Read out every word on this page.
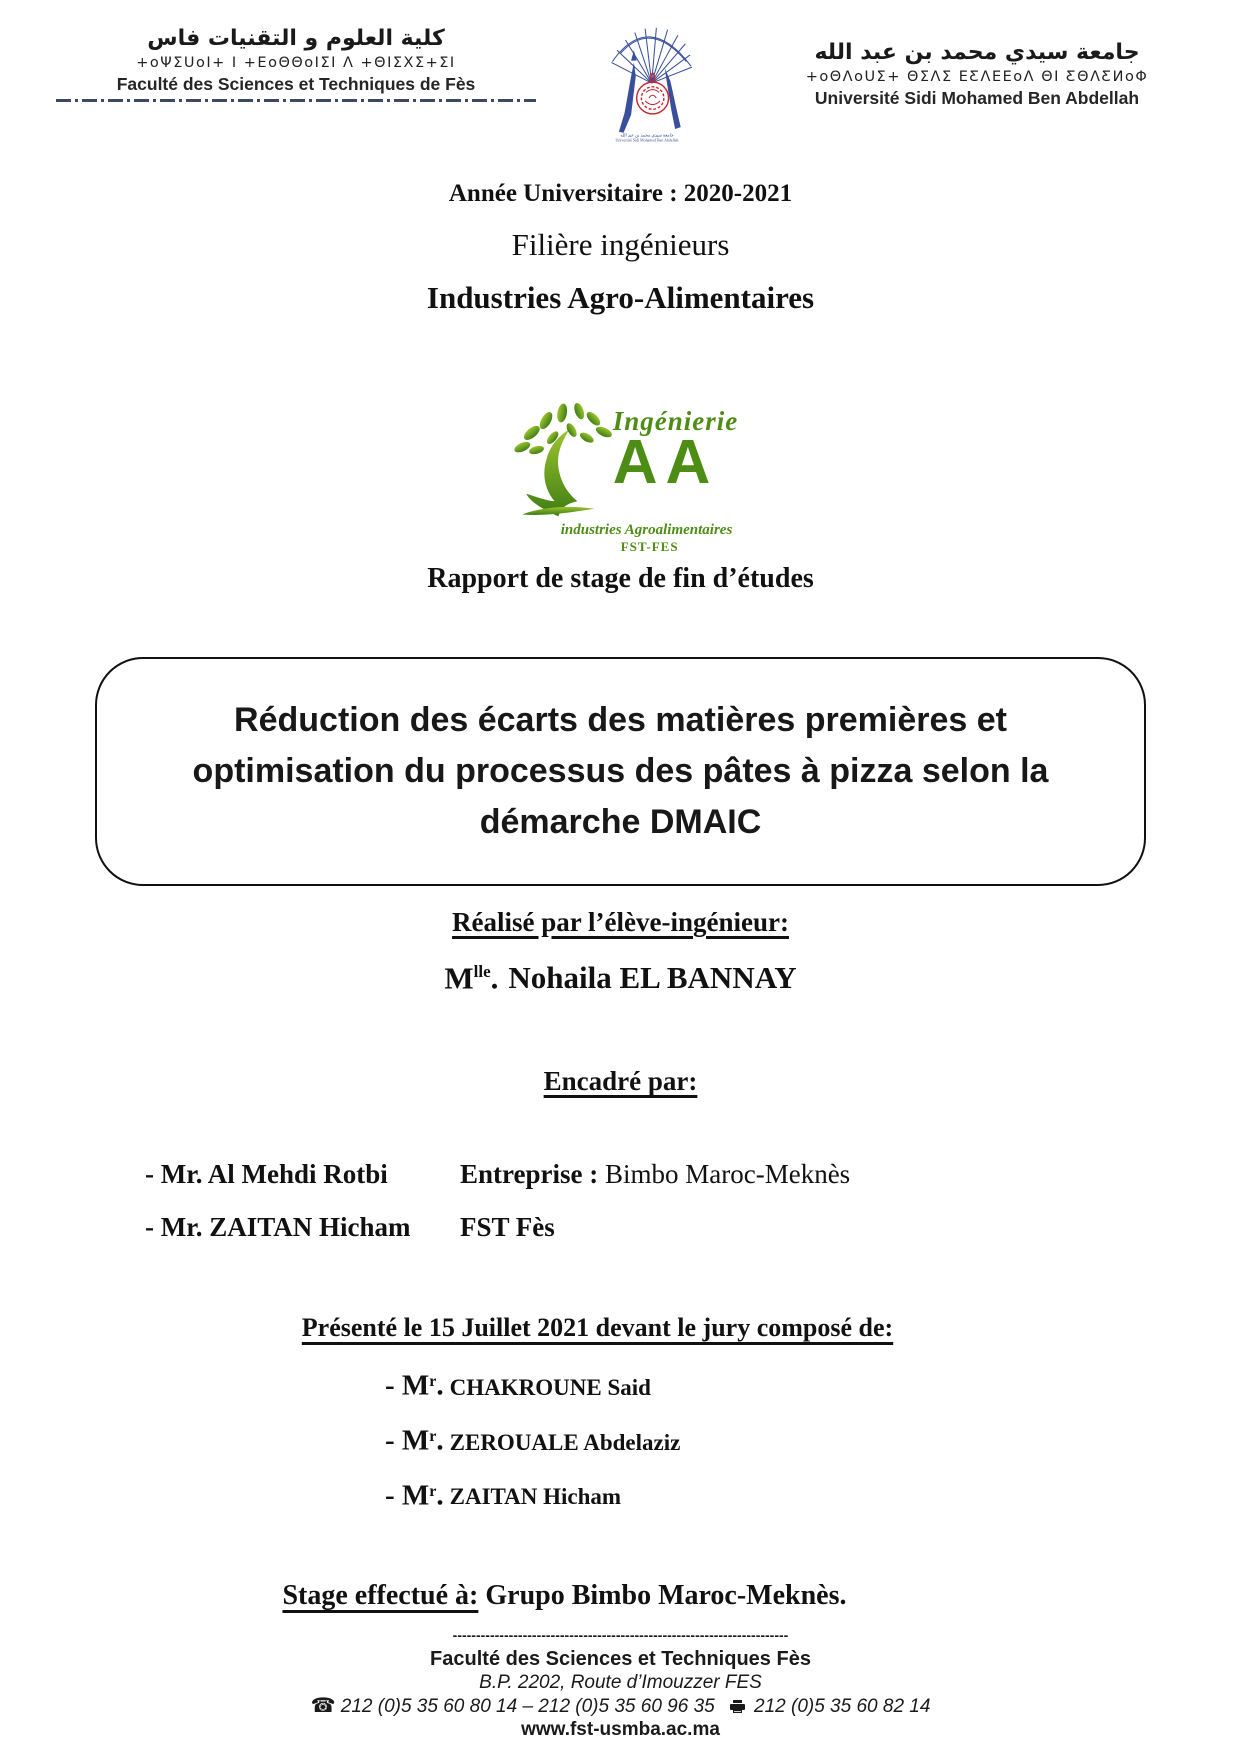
كلية العلوم و التقنيات فاس
+oΨΣUoI+ I +ΕoΘΘoIΣI Λ +ΘΙΣΧΣ+ΣΙ
Faculté des Sciences et Techniques de Fès
جامعة سيدي محمد بن عبد الله
Université Sidi Mohamed Ben Abdellah
جامعة سيدي محمد بن عبد الله
+oΘΛoUΣ+ ΘΣΛΣ ΕƸΛΕΕoΛ ΘΙ ƸΘΛƸИoΦ
Université Sidi Mohamed Ben Abdellah
Année Universitaire : 2020-2021
Filière ingénieurs
Industries Agro-Alimentaires
Ingénierie
AA
industries Agroalimentaires
FST-FES
Rapport de stage de fin d’études
Réduction des écarts des matières premières et
optimisation du processus des pâtes à pizza selon la
démarche DMAIC
Réalisé par l’élève-ingénieur:
$M^{lle}$. Nohaila EL BANNAY
Encadré par:
- Mr. Al Mehdi Rotbi	Entreprise : Bimbo Maroc-Meknès
- Mr. ZAITAN Hicham FST Fès
Présenté le 15 Juillet 2021 devant le jury composé de:
- $M^r$. CHAKROUNE Said
- $M^r$. ZEROUALE Abdelaziz
- $M^r$. ZAITAN Hicham
Stage effectué à: Grupo Bimbo Maroc-Meknès.
------------------------------------------------------------------------
Faculté des Sciences et Techniques Fès
B.P. 2202, Route d’Imouzzer FES
☎ 212 (0)5 35 60 80 14 – 212 (0)5 35 60 96 35 212 (0)5 35 60 82 14
www.fst-usmba.ac.ma
